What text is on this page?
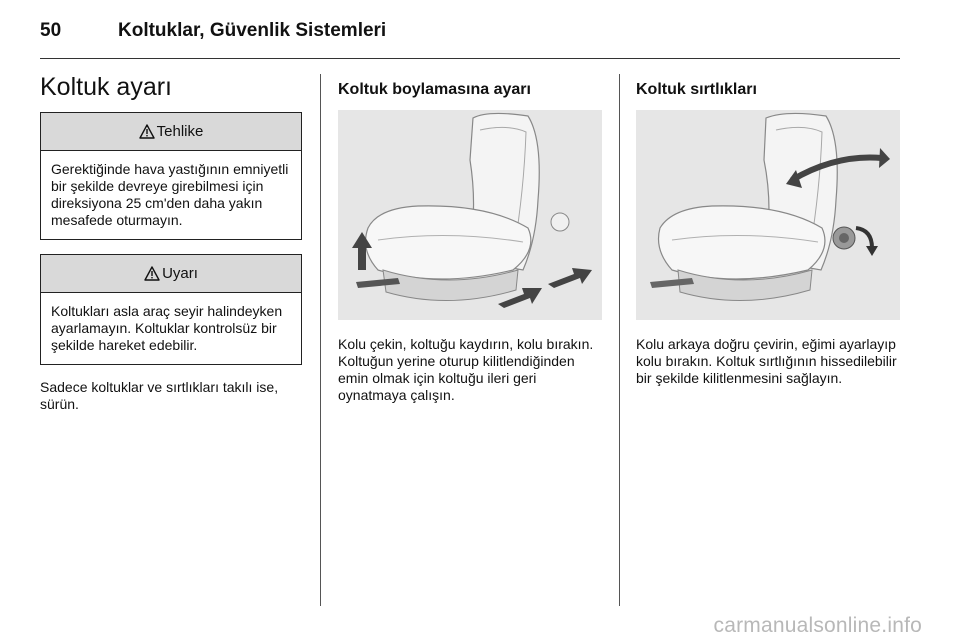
50	Koltuklar, Güvenlik Sistemleri
Koltuk ayarı
Tehlike
Gerektiğinde hava yastığının emniyetli bir şekilde devreye girebilmesi için direksiyona 25 cm'den daha yakın mesafede oturmayın.
Uyarı
Koltukları asla araç seyir halindeyken ayarlamayın. Koltuklar kontrolsüz bir şekilde hareket edebilir.

Sadece koltuklar ve sırtlıkları takılı ise, sürün.

Koltuk boylamasına ayarı

Kolu çekin, koltuğu kaydırın, kolu bırakın. Koltuğun yerine oturup kilitlendiğinden emin olmak için koltuğu ileri geri oynatmaya çalışın.

Koltuk sırtlıkları

Kolu arkaya doğru çevirin, eğimi ayarlayıp kolu bırakın. Koltuk sırtlığının hissedilebilir bir şekilde kilitlenmesini sağlayın.

carmanualsonline.info
